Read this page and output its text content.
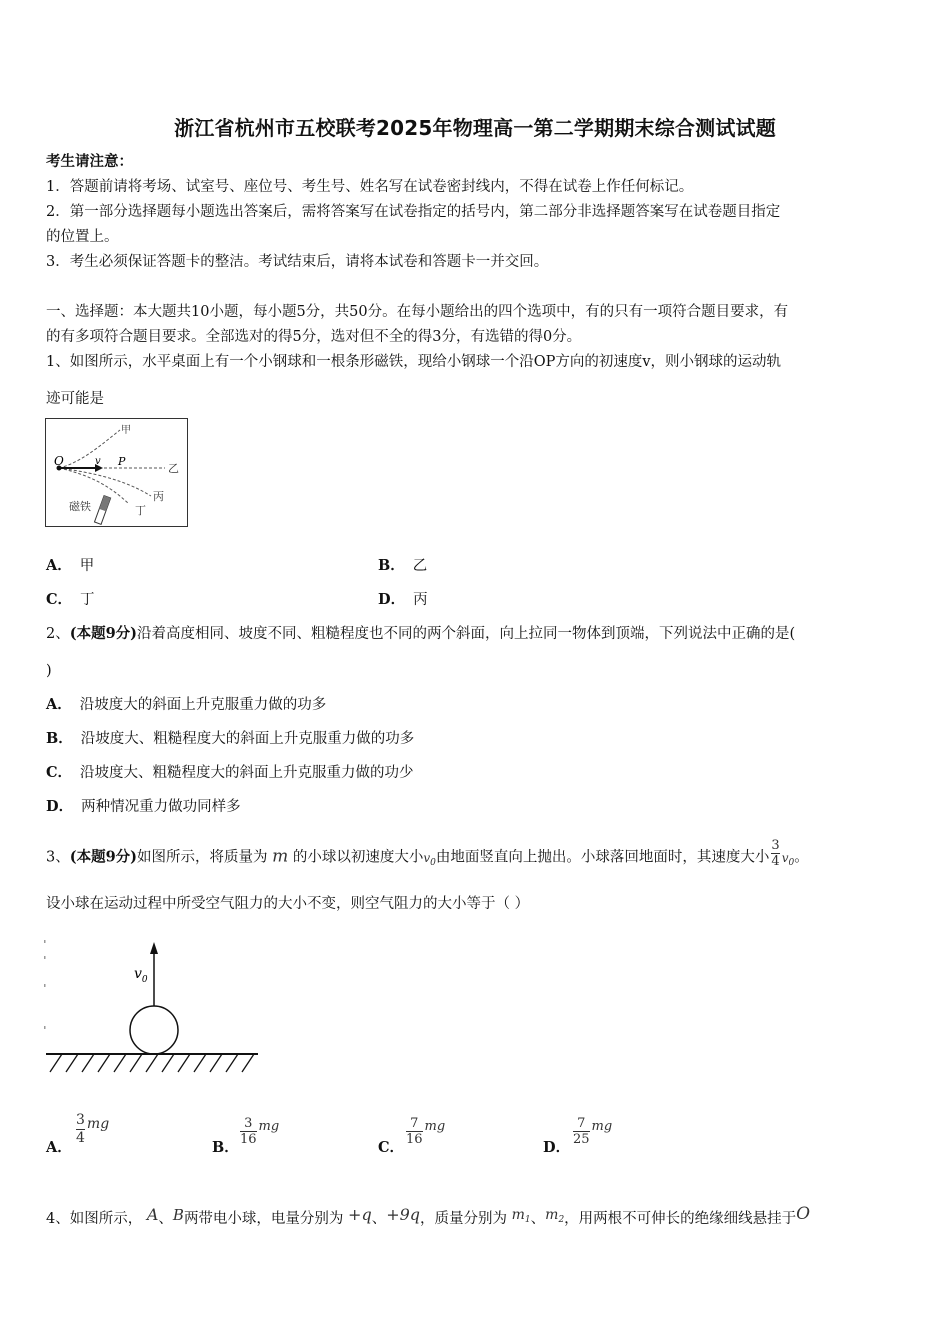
浙江省杭州市五校联考2025年物理高一第二学期期末综合测试试题
考生请注意：
1．答题前请将考场、试室号、座位号、考生号、姓名写在试卷密封线内，不得在试卷上作任何标记。
2．第一部分选择题每小题选出答案后，需将答案写在试卷指定的括号内，第二部分非选择题答案写在试卷题目指定
的位置上。
3．考生必须保证答题卡的整洁。考试结束后，请将本试卷和答题卡一并交回。
一、选择题：本大题共10小题，每小题5分，共50分。在每小题给出的四个选项中，有的只有一项符合题目要求，有
的有多项符合题目要求。全部选对的得5分，选对但不全的得3分，有选错的得0分。
1、如图所示，水平桌面上有一个小钢球和一根条形磁铁，现给小钢球一个沿OP方向的初速度v，则小钢球的运动轨
迹可能是
O	v P
甲
乙
丙
丁
磁铁
A． 甲	B． 乙
C． 丁	D． 丙
2、(本题9分)沿着高度相同、坡度不同、粗糙程度也不同的两个斜面，向上拉同一物体到顶端，下列说法中正确的是(
)
A． 沿坡度大的斜面上升克服重力做的功多
B． 沿坡度大、粗糙程度大的斜面上升克服重力做的功多
C． 沿坡度大、粗糙程度大的斜面上升克服重力做的功少
D． 两种情况重力做功同样多
3、(本题9分)如图所示，将质量为 m 的小球以初速度大小$v_0$由地面竖直向上抛出。小球落回地面时，其速度大小 $\frac{3}{4} v_0$。
设小球在运动过程中所受空气阻力的大小不变，则空气阻力的大小等于（ ）
$v_0$
A．
$\frac{3}{4}$ mg
B．
$\frac{3}{16} ^{mg}$
C．
$\frac{7}{16} ^{mg}$
D．
$\frac{7}{25} ^{mg}$
4、如图所示， A、B两带电小球，电量分别为 +q、+9q，质量分别为 $m_1$、$m_2$，用两根不可伸长的绝缘细线悬挂于O
